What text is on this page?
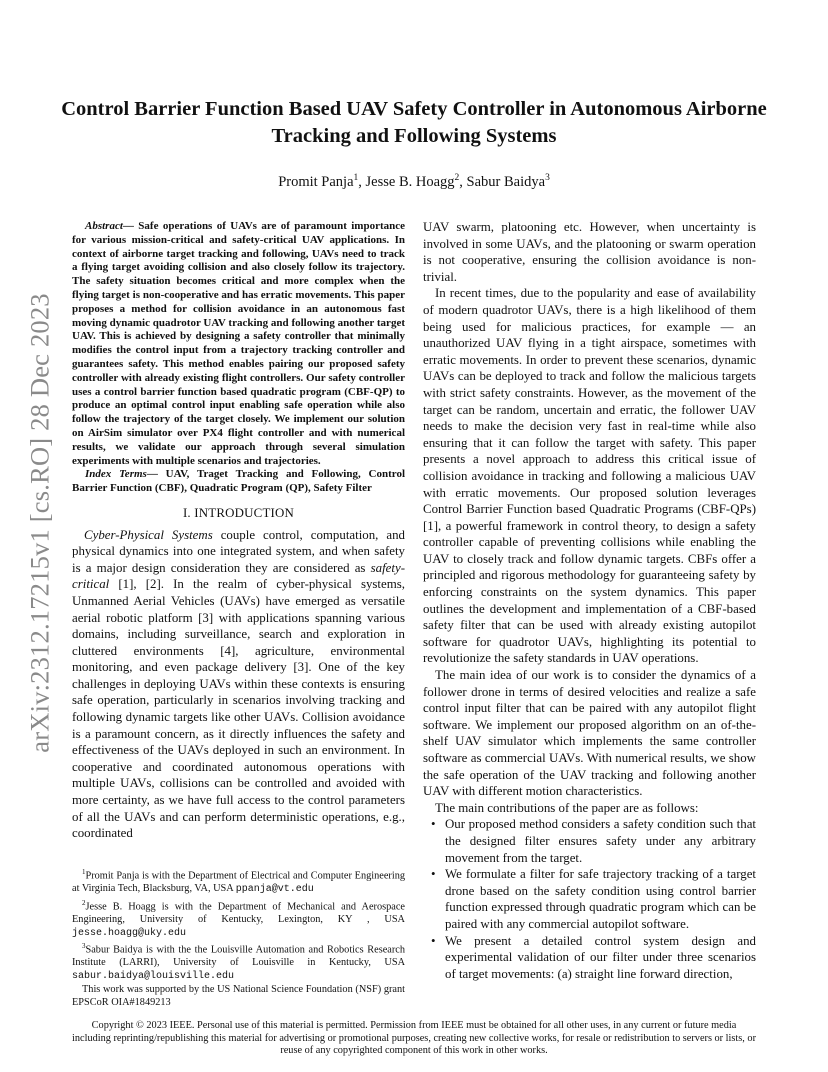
arXiv:2312.17215v1 [cs.RO] 28 Dec 2023
Control Barrier Function Based UAV Safety Controller in Autonomous Airborne Tracking and Following Systems
Promit Panja$^1$, Jesse B. Hoagg$^2$, Sabur Baidya$^3$

Abstract— Safe operations of UAVs are of paramount importance for various mission-critical and safety-critical UAV applications. In context of airborne target tracking and following, UAVs need to track a flying target avoiding collision and also closely follow its trajectory. The safety situation becomes critical and more complex when the flying target is non-cooperative and has erratic movements. This paper proposes a method for collision avoidance in an autonomous fast moving dynamic quadrotor UAV tracking and following another target UAV. This is achieved by designing a safety controller that minimally modifies the control input from a trajectory tracking controller and guarantees safety. This method enables pairing our proposed safety controller with already existing flight controllers. Our safety controller uses a control barrier function based quadratic program (CBF-QP) to produce an optimal control input enabling safe operation while also follow the trajectory of the target closely. We implement our solution on AirSim simulator over PX4 flight controller and with numerical results, we validate our approach through several simulation experiments with multiple scenarios and trajectories.

Index Terms— UAV, Traget Tracking and Following, Control Barrier Function (CBF), Quadratic Program (QP), Safety Filter

I. INTRODUCTION

Cyber-Physical Systems couple control, computation, and physical dynamics into one integrated system, and when safety is a major design consideration they are considered as safety-critical [1], [2]. In the realm of cyber-physical systems, Unmanned Aerial Vehicles (UAVs) have emerged as versatile aerial robotic platform [3] with applications spanning various domains, including surveillance, search and exploration in cluttered environments [4], agriculture, environmental monitoring, and even package delivery [3]. One of the key challenges in deploying UAVs within these contexts is ensuring safe operation, particularly in scenarios involving tracking and following dynamic targets like other UAVs. Collision avoidance is a paramount concern, as it directly influences the safety and effectiveness of the UAVs deployed in such an environment. In cooperative and coordinated autonomous operations with multiple UAVs, collisions can be controlled and avoided with more certainty, as we have full access to the control parameters of all the UAVs and can perform deterministic operations, e.g., coordinated

$^1$Promit Panja is with the Department of Electrical and Computer Engineering at Virginia Tech, Blacksburg, VA, USA ppanja@vt.edu

$^2$Jesse B. Hoagg is with the Department of Mechanical and Aerospace Engineering, University of Kentucky, Lexington, KY , USA jesse.hoagg@uky.edu

$^3$Sabur Baidya is with the the Louisville Automation and Robotics Research Institute (LARRI), University of Louisville in Kentucky, USA sabur.baidya@louisville.edu

This work was supported by the US National Science Foundation (NSF) grant EPSCoR OIA#1849213

UAV swarm, platooning etc. However, when uncertainty is involved in some UAVs, and the platooning or swarm operation is not cooperative, ensuring the collision avoidance is non-trivial.

In recent times, due to the popularity and ease of availability of modern quadrotor UAVs, there is a high likelihood of them being used for malicious practices, for example — an unauthorized UAV flying in a tight airspace, sometimes with erratic movements. In order to prevent these scenarios, dynamic UAVs can be deployed to track and follow the malicious targets with strict safety constraints. However, as the movement of the target can be random, uncertain and erratic, the follower UAV needs to make the decision very fast in real-time while also ensuring that it can follow the target with safety. This paper presents a novel approach to address this critical issue of collision avoidance in tracking and following a malicious UAV with erratic movements. Our proposed solution leverages Control Barrier Function based Quadratic Programs (CBF-QPs) [1], a powerful framework in control theory, to design a safety controller capable of preventing collisions while enabling the UAV to closely track and follow dynamic targets. CBFs offer a principled and rigorous methodology for guaranteeing safety by enforcing constraints on the system dynamics. This paper outlines the development and implementation of a CBF-based safety filter that can be used with already existing autopilot software for quadrotor UAVs, highlighting its potential to revolutionize the safety standards in UAV operations.

The main idea of our work is to consider the dynamics of a follower drone in terms of desired velocities and realize a safe control input filter that can be paired with any autopilot flight software. We implement our proposed algorithm on an of-the-shelf UAV simulator which implements the same controller software as commercial UAVs. With numerical results, we show the safe operation of the UAV tracking and following another UAV with different motion characteristics.

The main contributions of the paper are as follows:

• Our proposed method considers a safety condition such that the designed filter ensures safety under any arbitrary movement from the target.
• We formulate a filter for safe trajectory tracking of a target drone based on the safety condition using control barrier function expressed through quadratic program which can be paired with any commercial autopilot software.
• We present a detailed control system design and experimental validation of our filter under three scenarios of target movements: (a) straight line forward direction,
Copyright © 2023 IEEE. Personal use of this material is permitted. Permission from IEEE must be obtained for all other uses, in any current or future media including reprinting/republishing this material for advertising or promotional purposes, creating new collective works, for resale or redistribution to servers or lists, or reuse of any copyrighted component of this work in other works.
